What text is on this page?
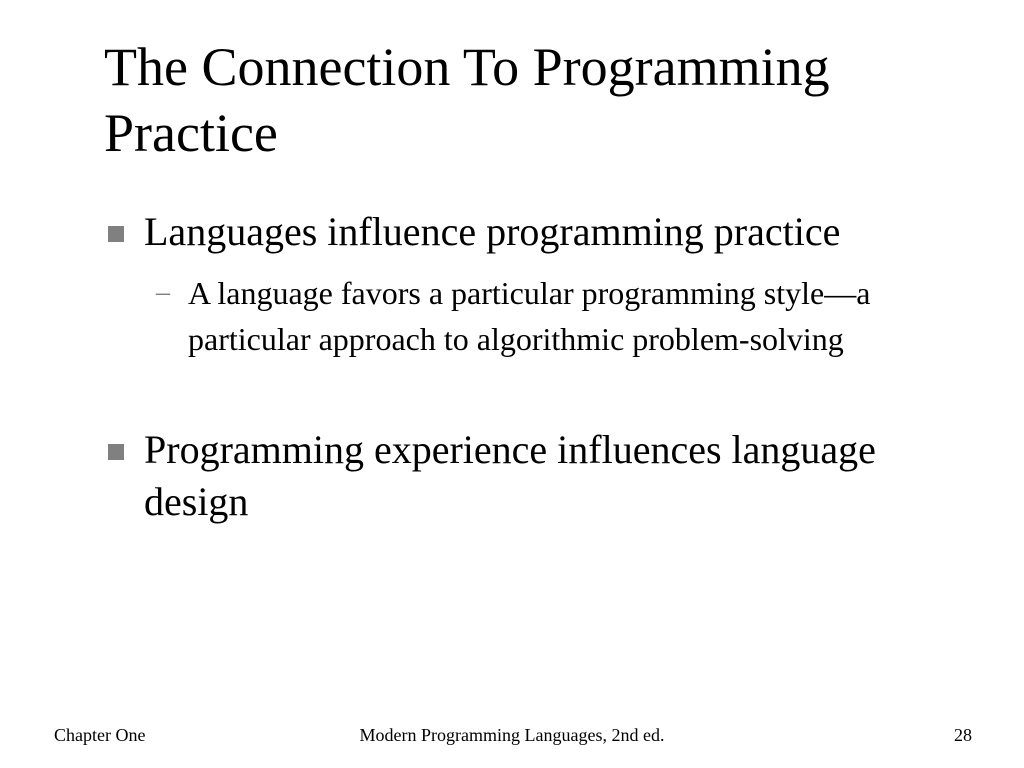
The Connection To Programming Practice

Languages influence programming practice

– A language favors a particular programming style—a particular approach to algorithmic problem-solving

Programming experience influences language design

Chapter One	Modern Programming Languages, 2nd ed.	28
